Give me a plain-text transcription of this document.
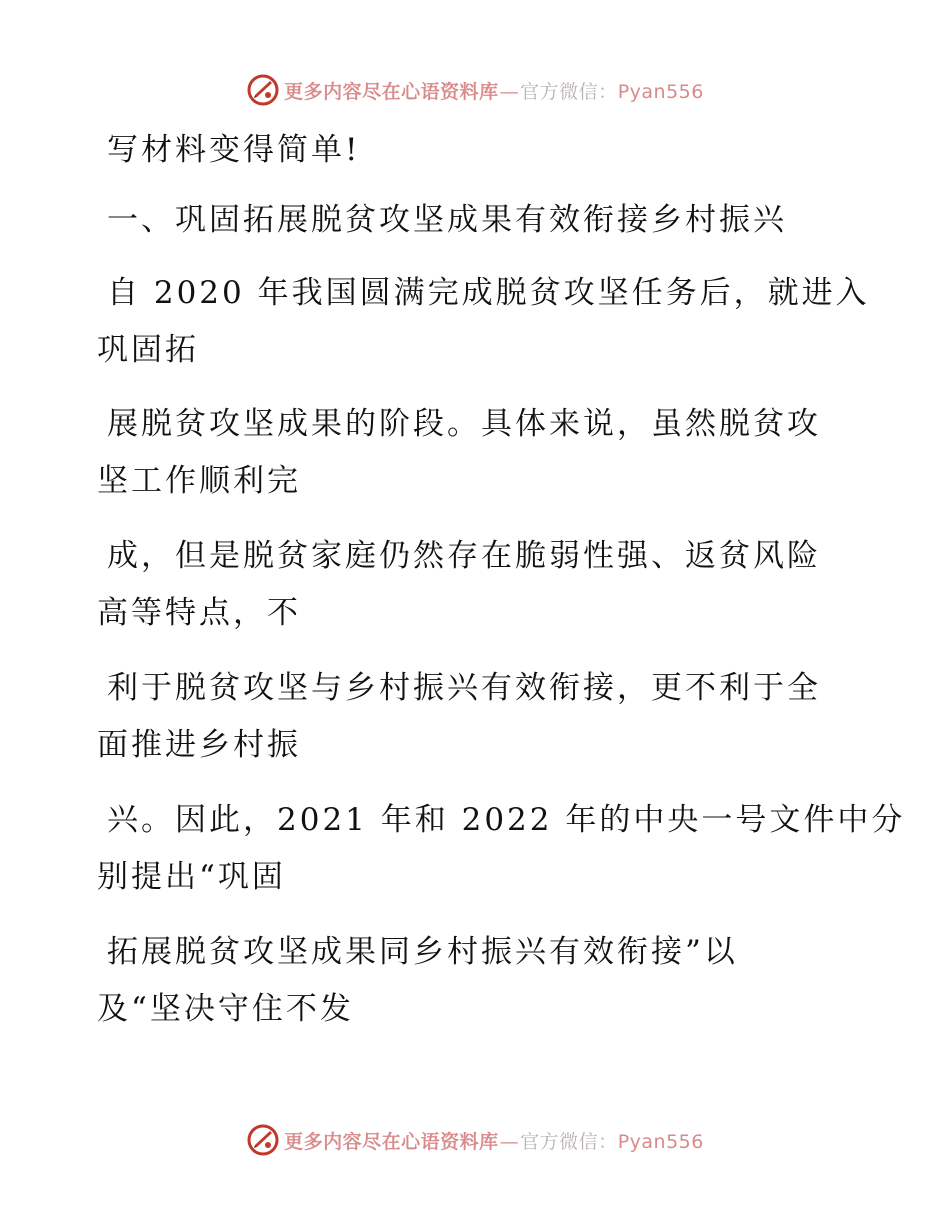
更多内容尽在心语资料库—官方微信：Pyan556

写材料变得简单!

一、巩固拓展脱贫攻坚成果有效衔接乡村振兴

自 2020 年我国圆满完成脱贫攻坚任务后，就进入

巩固拓

展脱贫攻坚成果的阶段。具体来说，虽然脱贫攻

坚工作顺利完

成，但是脱贫家庭仍然存在脆弱性强、返贫风险

高等特点，不

利于脱贫攻坚与乡村振兴有效衔接，更不利于全

面推进乡村振

兴。因此，2021 年和 2022 年的中央一号文件中分

别提出“巩固

拓展脱贫攻坚成果同乡村振兴有效衔接”以

及“坚决守住不发

更多内容尽在心语资料库—官方微信：Pyan556
